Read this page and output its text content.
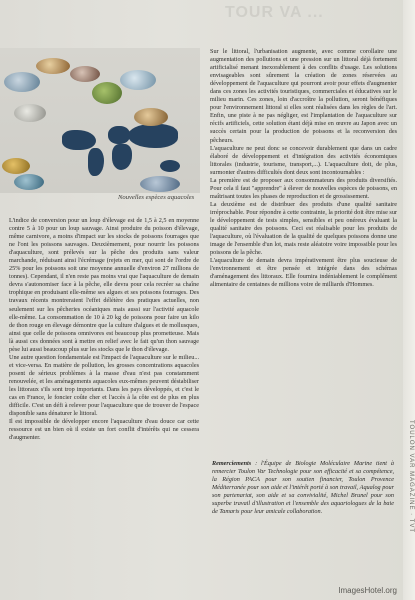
TOUR VA ...
Nouvelles espèces aquacoles

L'indice de conversion pour un loup d'élevage est de 1,5 à 2,5 en moyenne contre 5 à 10 pour un loup sauvage. Ainsi produire du poisson d'élevage, même carnivore, a moins d'impact sur les stocks de poissons fourrages que ne l'ont les poissons sauvages. Deuxièmement, pour nourrir les poissons d'aquaculture, sont prélevés sur la pêche des produits sans valeur marchande, réduisant ainsi l'écrémage (rejets en mer, qui sont de l'ordre de 25% pour les poissons soit une moyenne annuelle d'environ 27 millions de tonnes). Cependant, il n'en reste pas moins vrai que l'aquaculture de demain devra s'autonomiser face à la pêche, elle devra pour cela recréer sa chaîne trophique en produisant elle-même ses algues et ses poissons fourrages. Des travaux récents montreraient l'effet délétère des pratiques actuelles, non seulement sur les pêcheries océaniques mais aussi sur l'activité aquacole elle-même. La consommation de 10 à 20 kg de poissons pour faire un kilo de thon rouge en élevage démontre que la culture d'algues et de mollusques, ainsi que celle de poissons omnivores est beaucoup plus prometteuse. Mais là aussi ces données sont à mettre en relief avec le fait qu'un thon sauvage pèse lui aussi beaucoup plus sur les stocks que le thon d'élevage.

Une autre question fondamentale est l'impact de l'aquaculture sur le milieu... et vice-versa. En matière de pollution, les grosses concentrations aquacoles posent de sérieux problèmes à la masse d'eau n'est pas constamment renouvelée, et les aménagements aquacoles eux-mêmes peuvent déstabiliser les littoraux s'ils sont trop importants. Dans les pays développés, et c'est le cas en France, le foncier coûte cher et l'accès à la côte est de plus en plus difficile. C'est un défi à relever pour l'aquaculture que de trouver de l'espace disponible sans dénaturer le littoral.

Il est impossible de développer encore l'aquaculture d'eau douce car cette ressource est un bien où il existe un fort conflit d'intérêts qui ne cessera d'augmenter.

Sur le littoral, l'urbanisation augmente, avec comme corollaire une augmentation des pollutions et une pression sur un littoral déjà fortement artificialisé menant inexorablement à des conflits d'usage. Les solutions envisageables sont sûrement la création de zones réservées au développement de l'aquaculture qui pourront avoir pour effets d'augmenter dans ces zones les activités touristiques, commerciales et éducatives sur le milieu marin. Ces zones, loin d'accroître la pollution, seront bénéfiques pour l'environnement littoral si elles sont réalisées dans les règles de l'art. Enfin, une piste à ne pas négliger, est l'implantation de l'aquaculture sur récifs artificiels, cette solution étant déjà mise en œuvre au Japon avec un succès certain pour la production de poissons et la reconversion des pêcheurs.

L'aquaculture ne peut donc se concevoir durablement que dans un cadre élaboré de développement et d'intégration des activités économiques littorales (industrie, tourisme, transport,...). L'aquaculture doit, de plus, surmonter d'autres difficultés dont deux sont incontournables :

La première est de proposer aux consommateurs des produits diversifiés. Pour cela il faut "apprendre" à élever de nouvelles espèces de poissons, en maîtrisant toutes les phases de reproduction et de grossissement.

La deuxième est de distribuer des produits d'une qualité sanitaire irréprochable. Pour répondre à cette contrainte, la priorité doit être mise sur le développement de tests simples, sensibles et peu onéreux évaluant la qualité sanitaire des poissons. Ceci est réalisable pour les produits de l'aquaculture, où l'évaluation de la qualité de quelques poissons donne une image de l'ensemble d'un lot, mais reste aléatoire voire impossible pour les poissons de la pêche.

L'aquaculture de demain devra impérativement être plus soucieuse de l'environnement et être pensée et intégrée dans des schémas d'aménagement des littoraux. Elle fournira indéniablement le complément alimentaire de centaines de millions voire de milliards d'Hommes.

Remerciements : l'Équipe de Biologie Moléculaire Marine tient à remercier Toulon Var Technologie pour son efficacité et sa compétence, la Région PACA pour son soutien financier, Toulon Provence Méditerranée pour son aide et l'intérêt porté à son travail, Aqualog pour son partenariat, son aide et sa convivialité, Michel Brunel pour son superbe travail d'illustration et l'ensemble des aquariologues de la baie de Tamaris pour leur amicale collaboration.	TOULON VAR MAGAZINE · TVT
ImagesHotel.org
